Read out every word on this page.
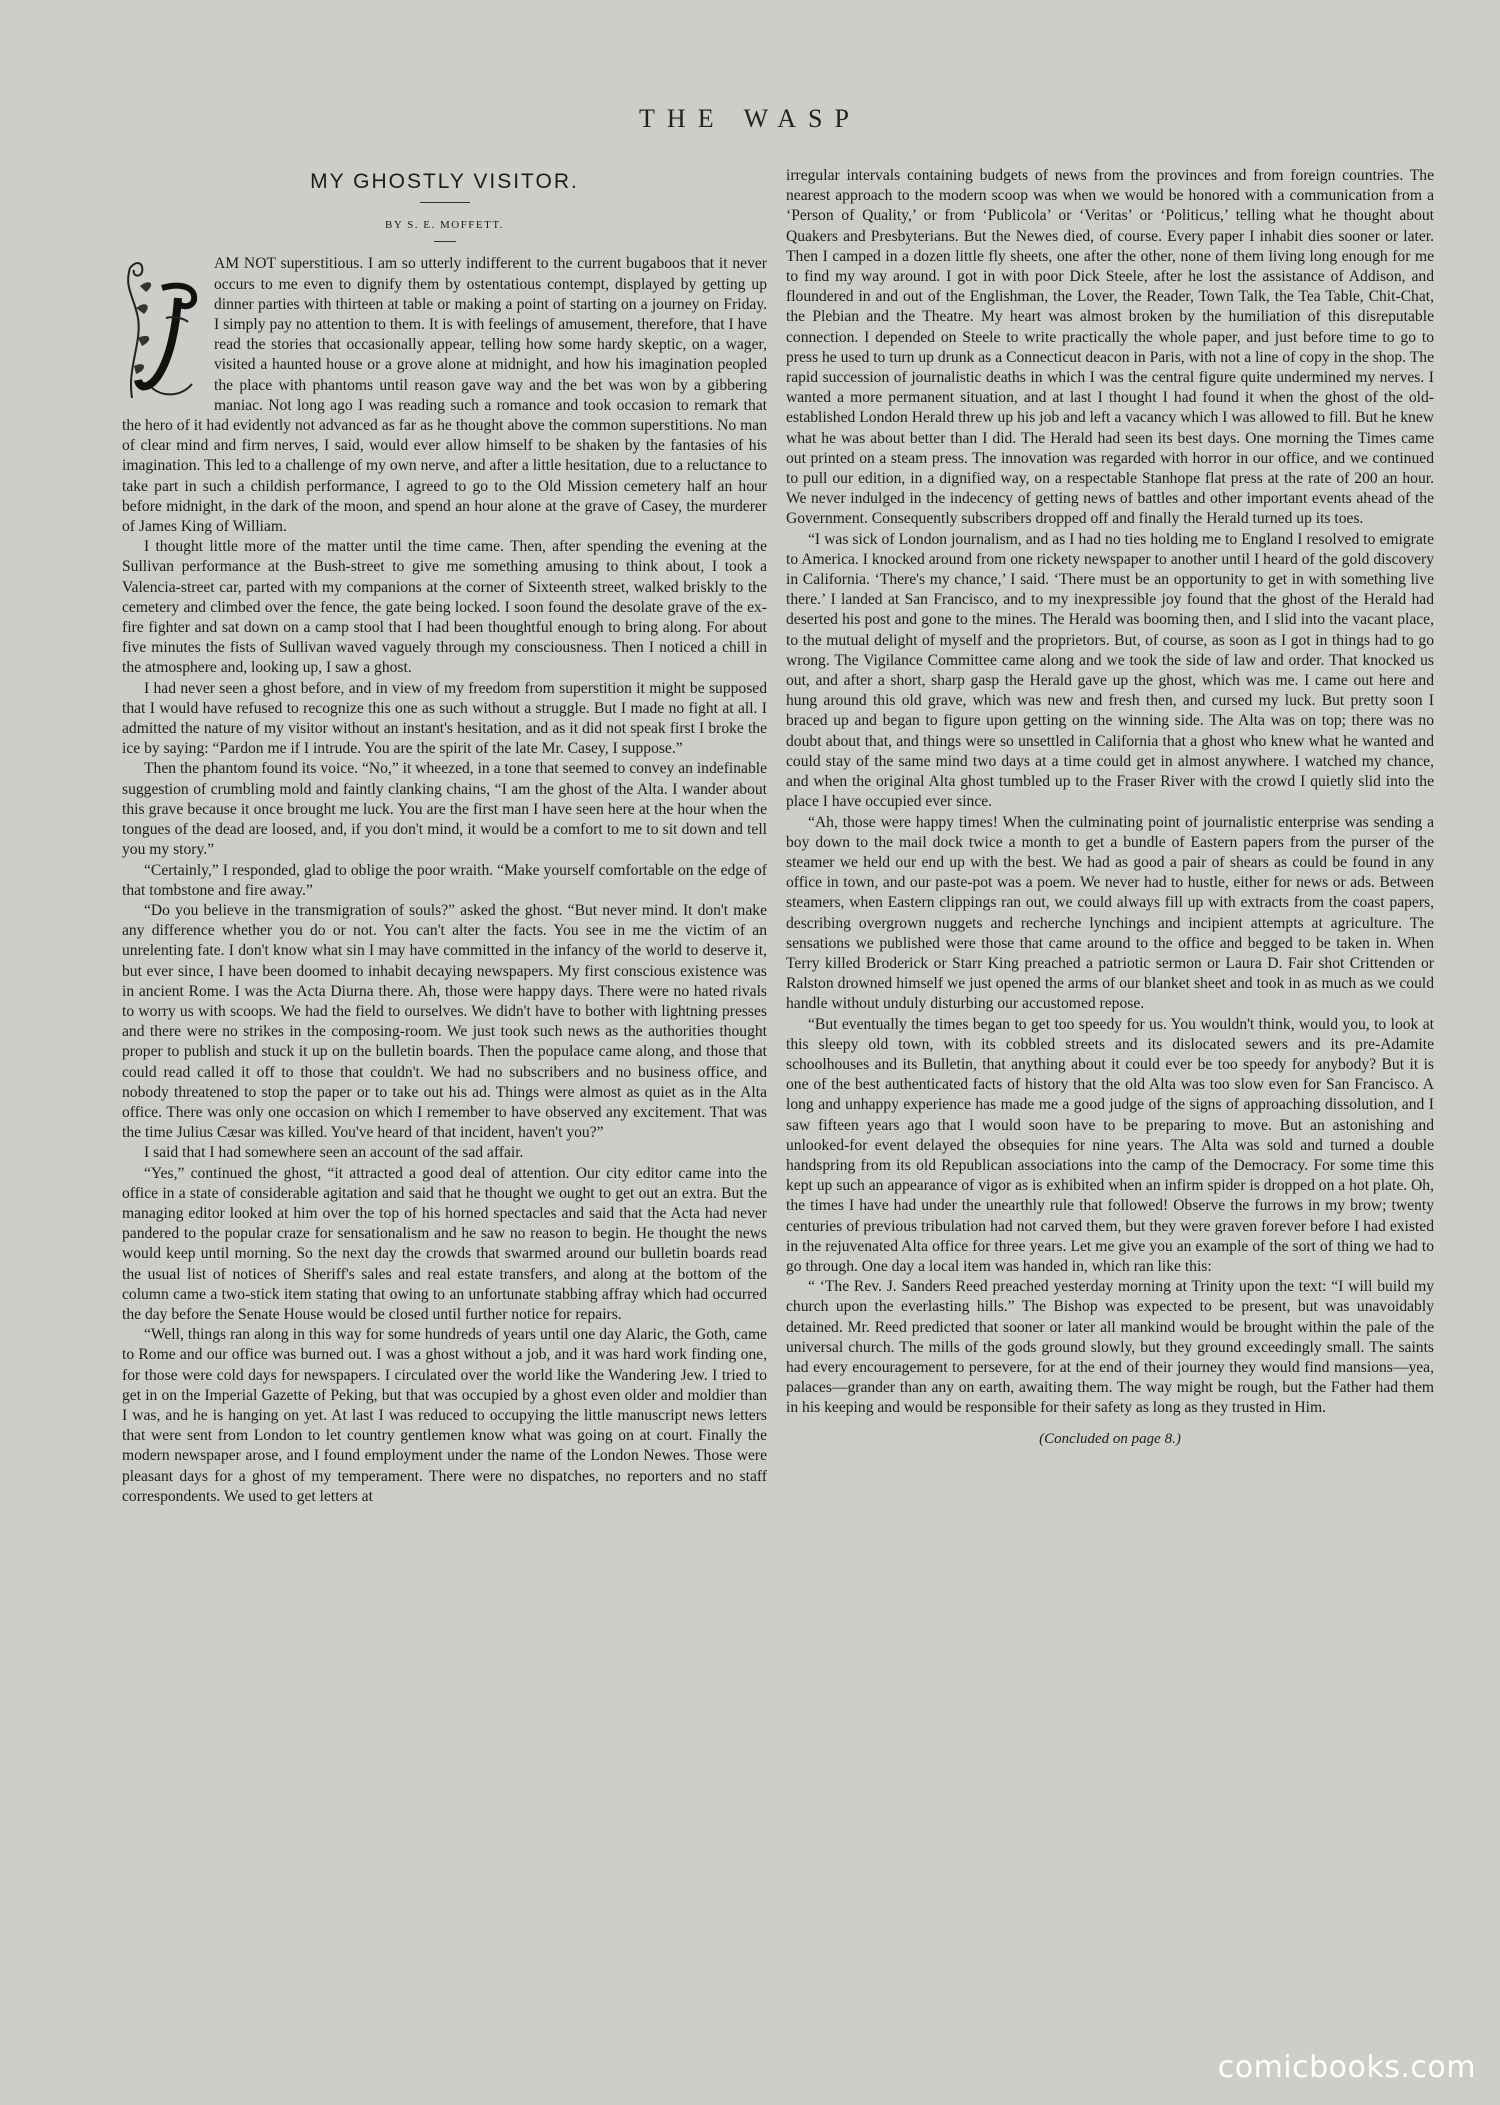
THE WASP
MY GHOSTLY VISITOR.
BY S. E. MOFFETT.

AM NOT superstitious. I am so utterly indifferent to the current bugaboos that it never occurs to me even to dignify them by ostentatious contempt, displayed by getting up dinner parties with thirteen at table or making a point of starting on a journey on Friday. I simply pay no attention to them. It is with feelings of amusement, therefore, that I have read the stories that occasionally appear, telling how some hardy skeptic, on a wager, visited a haunted house or a grove alone at midnight, and how his imagination peopled the place with phantoms until reason gave way and the bet was won by a gibbering maniac. Not long ago I was reading such a romance and took occasion to remark that the hero of it had evidently not advanced as far as he thought above the common superstitions. No man of clear mind and firm nerves, I said, would ever allow himself to be shaken by the fantasies of his imagination. This led to a challenge of my own nerve, and after a little hesitation, due to a reluctance to take part in such a childish performance, I agreed to go to the Old Mission cemetery half an hour before midnight, in the dark of the moon, and spend an hour alone at the grave of Casey, the murderer of James King of William.

I thought little more of the matter until the time came. Then, after spending the evening at the Sullivan performance at the Bush-street to give me something amusing to think about, I took a Valencia-street car, parted with my companions at the corner of Sixteenth street, walked briskly to the cemetery and climbed over the fence, the gate being locked. I soon found the desolate grave of the ex-fire fighter and sat down on a camp stool that I had been thoughtful enough to bring along. For about five minutes the fists of Sullivan waved vaguely through my consciousness. Then I noticed a chill in the atmosphere and, looking up, I saw a ghost.

I had never seen a ghost before, and in view of my freedom from superstition it might be supposed that I would have refused to recognize this one as such without a struggle. But I made no fight at all. I admitted the nature of my visitor without an instant's hesitation, and as it did not speak first I broke the ice by saying: “Pardon me if I intrude. You are the spirit of the late Mr. Casey, I suppose.”

Then the phantom found its voice. “No,” it wheezed, in a tone that seemed to convey an indefinable suggestion of crumbling mold and faintly clanking chains, “I am the ghost of the Alta. I wander about this grave because it once brought me luck. You are the first man I have seen here at the hour when the tongues of the dead are loosed, and, if you don't mind, it would be a comfort to me to sit down and tell you my story.”

“Certainly,” I responded, glad to oblige the poor wraith. “Make yourself comfortable on the edge of that tombstone and fire away.”

“Do you believe in the transmigration of souls?” asked the ghost. “But never mind. It don't make any difference whether you do or not. You can't alter the facts. You see in me the victim of an unrelenting fate. I don't know what sin I may have committed in the infancy of the world to deserve it, but ever since, I have been doomed to inhabit decaying newspapers. My first conscious existence was in ancient Rome. I was the Acta Diurna there. Ah, those were happy days. There were no hated rivals to worry us with scoops. We had the field to ourselves. We didn't have to bother with lightning presses and there were no strikes in the composing-room. We just took such news as the authorities thought proper to publish and stuck it up on the bulletin boards. Then the populace came along, and those that could read called it off to those that couldn't. We had no subscribers and no business office, and nobody threatened to stop the paper or to take out his ad. Things were almost as quiet as in the Alta office. There was only one occasion on which I remember to have observed any excitement. That was the time Julius Cæsar was killed. You've heard of that incident, haven't you?”

I said that I had somewhere seen an account of the sad affair.

“Yes,” continued the ghost, “it attracted a good deal of attention. Our city editor came into the office in a state of considerable agitation and said that he thought we ought to get out an extra. But the managing editor looked at him over the top of his horned spectacles and said that the Acta had never pandered to the popular craze for sensationalism and he saw no reason to begin. He thought the news would keep until morning. So the next day the crowds that swarmed around our bulletin boards read the usual list of notices of Sheriff's sales and real estate transfers, and along at the bottom of the column came a two-stick item stating that owing to an unfortunate stabbing affray which had occurred the day before the Senate House would be closed until further notice for repairs.

“Well, things ran along in this way for some hundreds of years until one day Alaric, the Goth, came to Rome and our office was burned out. I was a ghost without a job, and it was hard work finding one, for those were cold days for newspapers. I circulated over the world like the Wandering Jew. I tried to get in on the Imperial Gazette of Peking, but that was occupied by a ghost even older and moldier than I was, and he is hanging on yet. At last I was reduced to occupying the little manuscript news letters that were sent from London to let country gentlemen know what was going on at court. Finally the modern newspaper arose, and I found employment under the name of the London Newes. Those were pleasant days for a ghost of my temperament. There were no dispatches, no reporters and no staff correspondents. We used to get letters at

irregular intervals containing budgets of news from the provinces and from foreign countries. The nearest approach to the modern scoop was when we would be honored with a communication from a ‘Person of Quality,’ or from ‘Publicola’ or ‘Veritas’ or ‘Politicus,’ telling what he thought about Quakers and Presbyterians. But the Newes died, of course. Every paper I inhabit dies sooner or later. Then I camped in a dozen little fly sheets, one after the other, none of them living long enough for me to find my way around. I got in with poor Dick Steele, after he lost the assistance of Addison, and floundered in and out of the Englishman, the Lover, the Reader, Town Talk, the Tea Table, Chit-Chat, the Plebian and the Theatre. My heart was almost broken by the humiliation of this disreputable connection. I depended on Steele to write practically the whole paper, and just before time to go to press he used to turn up drunk as a Connecticut deacon in Paris, with not a line of copy in the shop. The rapid succession of journalistic deaths in which I was the central figure quite undermined my nerves. I wanted a more permanent situation, and at last I thought I had found it when the ghost of the old-established London Herald threw up his job and left a vacancy which I was allowed to fill. But he knew what he was about better than I did. The Herald had seen its best days. One morning the Times came out printed on a steam press. The innovation was regarded with horror in our office, and we continued to pull our edition, in a dignified way, on a respectable Stanhope flat press at the rate of 200 an hour. We never indulged in the indecency of getting news of battles and other important events ahead of the Government. Consequently subscribers dropped off and finally the Herald turned up its toes.

“I was sick of London journalism, and as I had no ties holding me to England I resolved to emigrate to America. I knocked around from one rickety newspaper to another until I heard of the gold discovery in California. ‘There's my chance,’ I said. ‘There must be an opportunity to get in with something live there.’ I landed at San Francisco, and to my inexpressible joy found that the ghost of the Herald had deserted his post and gone to the mines. The Herald was booming then, and I slid into the vacant place, to the mutual delight of myself and the proprietors. But, of course, as soon as I got in things had to go wrong. The Vigilance Committee came along and we took the side of law and order. That knocked us out, and after a short, sharp gasp the Herald gave up the ghost, which was me. I came out here and hung around this old grave, which was new and fresh then, and cursed my luck. But pretty soon I braced up and began to figure upon getting on the winning side. The Alta was on top; there was no doubt about that, and things were so unsettled in California that a ghost who knew what he wanted and could stay of the same mind two days at a time could get in almost anywhere. I watched my chance, and when the original Alta ghost tumbled up to the Fraser River with the crowd I quietly slid into the place I have occupied ever since.

“Ah, those were happy times! When the culminating point of journalistic enterprise was sending a boy down to the mail dock twice a month to get a bundle of Eastern papers from the purser of the steamer we held our end up with the best. We had as good a pair of shears as could be found in any office in town, and our paste-pot was a poem. We never had to hustle, either for news or ads. Between steamers, when Eastern clippings ran out, we could always fill up with extracts from the coast papers, describing overgrown nuggets and recherche lynchings and incipient attempts at agriculture. The sensations we published were those that came around to the office and begged to be taken in. When Terry killed Broderick or Starr King preached a patriotic sermon or Laura D. Fair shot Crittenden or Ralston drowned himself we just opened the arms of our blanket sheet and took in as much as we could handle without unduly disturbing our accustomed repose.

“But eventually the times began to get too speedy for us. You wouldn't think, would you, to look at this sleepy old town, with its cobbled streets and its dislocated sewers and its pre-Adamite schoolhouses and its Bulletin, that anything about it could ever be too speedy for anybody? But it is one of the best authenticated facts of history that the old Alta was too slow even for San Francisco. A long and unhappy experience has made me a good judge of the signs of approaching dissolution, and I saw fifteen years ago that I would soon have to be preparing to move. But an astonishing and unlooked-for event delayed the obsequies for nine years. The Alta was sold and turned a double handspring from its old Republican associations into the camp of the Democracy. For some time this kept up such an appearance of vigor as is exhibited when an infirm spider is dropped on a hot plate. Oh, the times I have had under the unearthly rule that followed! Observe the furrows in my brow; twenty centuries of previous tribulation had not carved them, but they were graven forever before I had existed in the rejuvenated Alta office for three years. Let me give you an example of the sort of thing we had to go through. One day a local item was handed in, which ran like this:

“ ‘The Rev. J. Sanders Reed preached yesterday morning at Trinity upon the text: “I will build my church upon the everlasting hills.” The Bishop was expected to be present, but was unavoidably detained. Mr. Reed predicted that sooner or later all mankind would be brought within the pale of the universal church. The mills of the gods ground slowly, but they ground exceedingly small. The saints had every encouragement to persevere, for at the end of their journey they would find mansions—yea, palaces—grander than any on earth, awaiting them. The way might be rough, but the Father had them in his keeping and would be responsible for their safety as long as they trusted in Him.

(Concluded on page 8.)
comicbooks.com
